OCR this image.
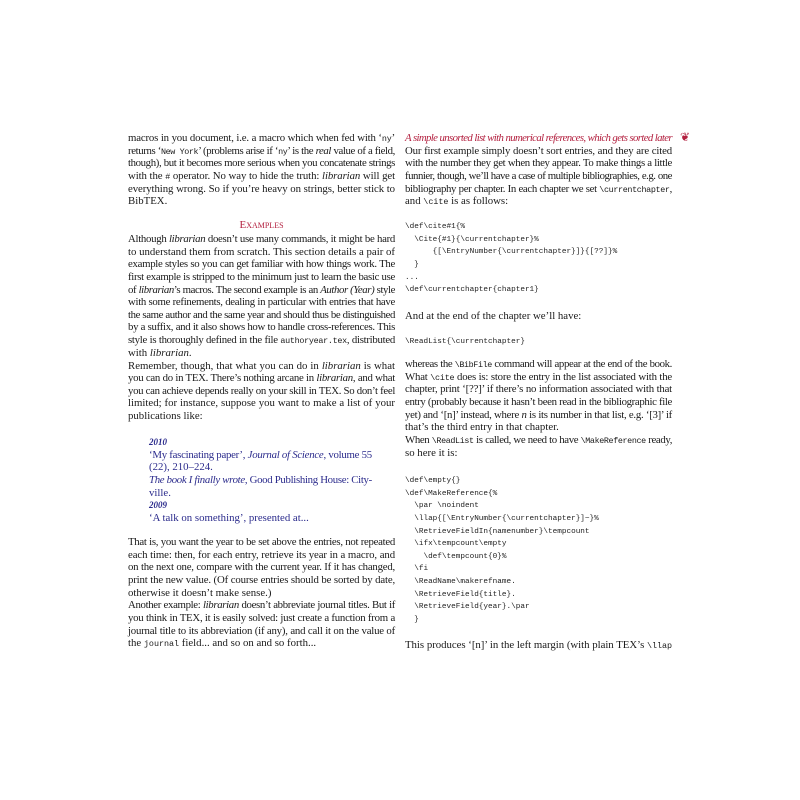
macros in you document, i.e. a macro which when fed with ‘ny’
returns ‘New York’ (problems arise if ‘ny’ is the real value of a field,
though), but it becomes more serious when you concatenate strings
with the # operator. No way to hide the truth: librarian will get
everything wrong. So if you’re heavy on strings, better stick to
BibTEX.
Examples
Although librarian doesn’t use many commands, it might be hard
to understand them from scratch. This section details a pair of
example styles so you can get familiar with how things work. The
first example is stripped to the minimum just to learn the basic use
of librarian’s macros. The second example is an Author (Year) style
with some refinements, dealing in particular with entries that have
the same author and the same year and should thus be distinguished
by a suffix, and it also shows how to handle cross-references. This
style is thoroughly defined in the file authoryear.tex, distributed
with librarian.
Remember, though, that what you can do in librarian is what
you can do in TEX. There’s nothing arcane in librarian, and what
you can achieve depends really on your skill in TEX. So don’t feel
limited; for instance, suppose you want to make a list of your
publications like:
2010
‘My fascinating paper’, Journal of Science, volume 55
(22), 210–224.
The book I finally wrote, Good Publishing House: City-
ville.
2009
‘A talk on something’, presented at...
That is, you want the year to be set above the entries, not repeated
each time: then, for each entry, retrieve its year in a macro, and
on the next one, compare with the current year. If it has changed,
print the new value. (Of course entries should be sorted by date,
otherwise it doesn’t make sense.)
Another example: librarian doesn’t abbreviate journal titles. But if
you think in TEX, it is easily solved: just create a function from a
journal title to its abbreviation (if any), and call it on the value of
the journal field... and so on and so forth...
A simple unsorted list with numerical references, which gets sorted later ❦
Our first example simply doesn’t sort entries, and they are cited
with the number they get when they appear. To make things a little
funnier, though, we’ll have a case of multiple bibliographies, e.g. one
bibliography per chapter. In each chapter we set \currentchapter,
and \cite is as follows:
\def\cite#1{%
\Cite{#1}{\currentchapter}%
{[\EntryNumber{\currentchapter}]}{[??]}%
}
...
\def\currentchapter{chapter1}
And at the end of the chapter we’ll have:
\ReadList{\currentchapter}
whereas the \BibFile command will appear at the end of the book.
What \cite does is: store the entry in the list associated with the
chapter, print ‘[??]’ if there’s no information associated with that
entry (probably because it hasn’t been read in the bibliographic file
yet) and ‘[n]’ instead, where n is its number in that list, e.g. ‘[3]’ if
that’s the third entry in that chapter.
When \ReadList is called, we need to have \MakeReference ready,
so here it is:
\def\empty{}
\def\MakeReference{%
\par \noindent
\llap{[\EntryNumber{\currentchapter}]~}%
\RetrieveFieldIn{namenumber}\tempcount
\ifx\tempcount\empty
\def\tempcount{0}%
\fi
\ReadName\makerefname.
\RetrieveField{title}.
\RetrieveField{year}.\par
}
This produces ‘[n]’ in the left margin (with plain TEX’s \llap
